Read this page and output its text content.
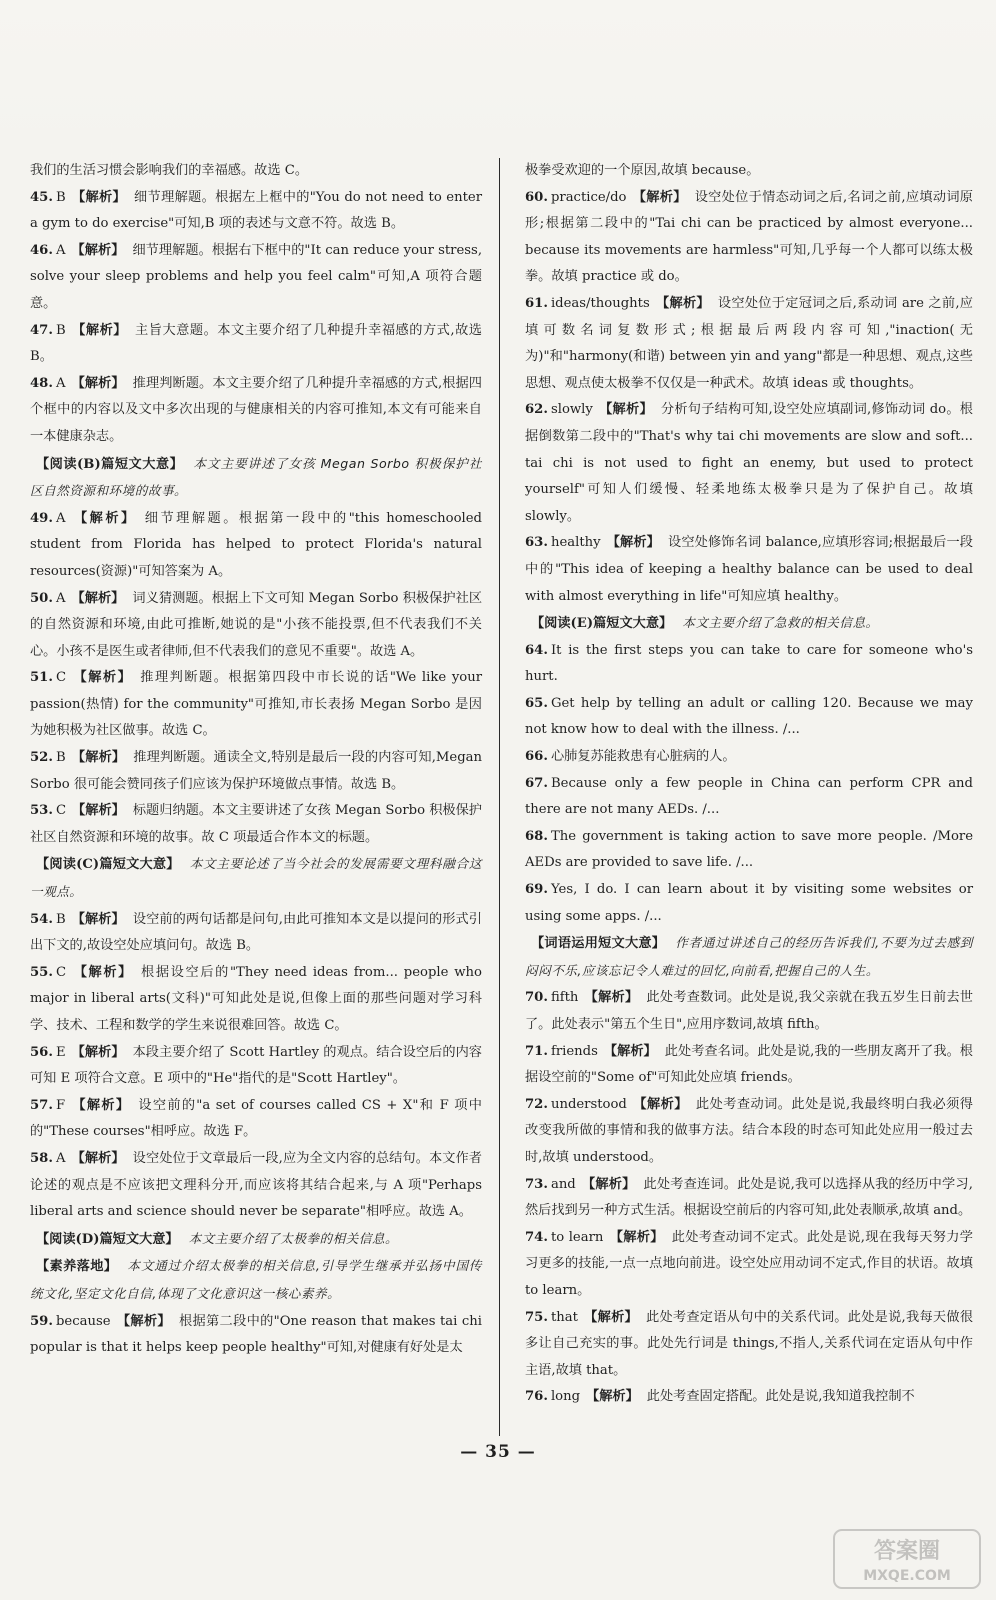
我们的生活习惯会影响我们的幸福感。故选 C。

45. B 【解析】 细节理解题。根据左上框中的"You do not need to enter a gym to do exercise"可知,B 项的表述与文意不符。故选 B。

46. A 【解析】 细节理解题。根据右下框中的"It can reduce your stress, solve your sleep problems and help you feel calm"可知,A 项符合题意。

47. B 【解析】 主旨大意题。本文主要介绍了几种提升幸福感的方式,故选 B。

48. A 【解析】 推理判断题。本文主要介绍了几种提升幸福感的方式,根据四个框中的内容以及文中多次出现的与健康相关的内容可推知,本文有可能来自一本健康杂志。

【阅读(B)篇短文大意】 本文主要讲述了女孩 Megan Sorbo 积极保护社区自然资源和环境的故事。

49. A 【解析】 细节理解题。根据第一段中的"this homeschooled student from Florida has helped to protect Florida's natural resources(资源)"可知答案为 A。

50. A 【解析】 词义猜测题。根据上下文可知 Megan Sorbo 积极保护社区的自然资源和环境,由此可推断,她说的是"小孩不能投票,但不代表我们不关心。小孩不是医生或者律师,但不代表我们的意见不重要"。故选 A。

51. C 【解析】 推理判断题。根据第四段中市长说的话"We like your passion(热情) for the community"可推知,市长表扬 Megan Sorbo 是因为她积极为社区做事。故选 C。

52. B 【解析】 推理判断题。通读全文,特别是最后一段的内容可知,Megan Sorbo 很可能会赞同孩子们应该为保护环境做点事情。故选 B。

53. C 【解析】 标题归纳题。本文主要讲述了女孩 Megan Sorbo 积极保护社区自然资源和环境的故事。故 C 项最适合作本文的标题。

【阅读(C)篇短文大意】 本文主要论述了当今社会的发展需要文理科融合这一观点。

54. B 【解析】 设空前的两句话都是问句,由此可推知本文是以提问的形式引出下文的,故设空处应填问句。故选 B。

55. C 【解析】 根据设空后的"They need ideas from... people who major in liberal arts(文科)"可知此处是说,但像上面的那些问题对学习科学、技术、工程和数学的学生来说很难回答。故选 C。

56. E 【解析】 本段主要介绍了 Scott Hartley 的观点。结合设空后的内容可知 E 项符合文意。E 项中的"He"指代的是"Scott Hartley"。

57. F 【解析】 设空前的"a set of courses called CS + X"和 F 项中的"These courses"相呼应。故选 F。

58. A 【解析】 设空处位于文章最后一段,应为全文内容的总结句。本文作者论述的观点是不应该把文理科分开,而应该将其结合起来,与 A 项"Perhaps liberal arts and science should never be separate"相呼应。故选 A。

【阅读(D)篇短文大意】 本文主要介绍了太极拳的相关信息。

【素养落地】 本文通过介绍太极拳的相关信息,引导学生继承并弘扬中国传统文化,坚定文化自信,体现了文化意识这一核心素养。

59. because 【解析】 根据第二段中的"One reason that makes tai chi popular is that it helps keep people healthy"可知,对健康有好处是太

极拳受欢迎的一个原因,故填 because。

60. practice/do 【解析】 设空处位于情态动词之后,名词之前,应填动词原形;根据第二段中的"Tai chi can be practiced by almost everyone... because its movements are harmless"可知,几乎每一个人都可以练太极拳。故填 practice 或 do。

61. ideas/thoughts 【解析】 设空处位于定冠词之后,系动词 are 之前,应填可数名词复数形式;根据最后两段内容可知,"inaction(无为)"和"harmony(和谐) between yin and yang"都是一种思想、观点,这些思想、观点使太极拳不仅仅是一种武术。故填 ideas 或 thoughts。

62. slowly 【解析】 分析句子结构可知,设空处应填副词,修饰动词 do。根据倒数第二段中的"That's why tai chi movements are slow and soft... tai chi is not used to fight an enemy, but used to protect yourself"可知人们缓慢、轻柔地练太极拳只是为了保护自己。故填 slowly。

63. healthy 【解析】 设空处修饰名词 balance,应填形容词;根据最后一段中的"This idea of keeping a healthy balance can be used to deal with almost everything in life"可知应填 healthy。

【阅读(E)篇短文大意】 本文主要介绍了急救的相关信息。

64. It is the first steps you can take to care for someone who's hurt.

65. Get help by telling an adult or calling 120. Because we may not know how to deal with the illness. /...

66. 心肺复苏能救患有心脏病的人。

67. Because only a few people in China can perform CPR and there are not many AEDs. /...

68. The government is taking action to save more people. /More AEDs are provided to save life. /...

69. Yes, I do. I can learn about it by visiting some websites or using some apps. /...

【词语运用短文大意】 作者通过讲述自己的经历告诉我们,不要为过去感到闷闷不乐,应该忘记令人难过的回忆,向前看,把握自己的人生。

70. fifth 【解析】 此处考查数词。此处是说,我父亲就在我五岁生日前去世了。此处表示"第五个生日",应用序数词,故填 fifth。

71. friends 【解析】 此处考查名词。此处是说,我的一些朋友离开了我。根据设空前的"Some of"可知此处应填 friends。

72. understood 【解析】 此处考查动词。此处是说,我最终明白我必须得改变我所做的事情和我的做事方法。结合本段的时态可知此处应用一般过去时,故填 understood。

73. and 【解析】 此处考查连词。此处是说,我可以选择从我的经历中学习,然后找到另一种方式生活。根据设空前后的内容可知,此处表顺承,故填 and。

74. to learn 【解析】 此处考查动词不定式。此处是说,现在我每天努力学习更多的技能,一点一点地向前进。设空处应用动词不定式,作目的状语。故填 to learn。

75. that 【解析】 此处考查定语从句中的关系代词。此处是说,我每天做很多让自己充实的事。此处先行词是 things,不指人,关系代词在定语从句中作主语,故填 that。

76. long 【解析】 此处考查固定搭配。此处是说,我知道我控制不

— 35 —
答案圈
MXQE.COM
